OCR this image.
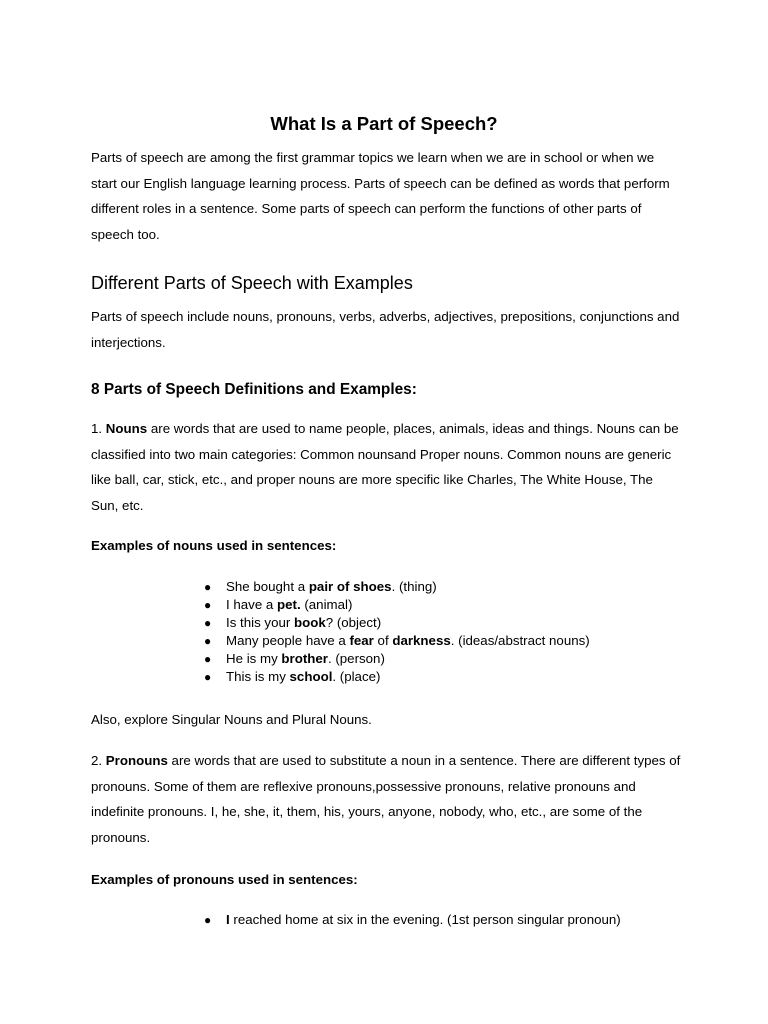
What Is a Part of Speech?
Parts of speech are among the first grammar topics we learn when we are in school or when we
start our English language learning process. Parts of speech can be defined as words that perform
different roles in a sentence. Some parts of speech can perform the functions of other parts of
speech too.
Different Parts of Speech with Examples
Parts of speech include nouns, pronouns, verbs, adverbs, adjectives, prepositions, conjunctions and
interjections.
8 Parts of Speech Definitions and Examples:
1. Nouns are words that are used to name people, places, animals, ideas and things. Nouns can be
classified into two main categories: Common nounsand Proper nouns. Common nouns are generic
like ball, car, stick, etc., and proper nouns are more specific like Charles, The White House, The
Sun, etc.
Examples of nouns used in sentences:
● She bought a pair of shoes. (thing)
● I have a pet. (animal)
● Is this your book? (object)
● Many people have a fear of darkness. (ideas/abstract nouns)
● He is my brother. (person)
● This is my school. (place)
Also, explore Singular Nouns and Plural Nouns.
2. Pronouns are words that are used to substitute a noun in a sentence. There are different types of
pronouns. Some of them are reflexive pronouns,possessive pronouns, relative pronouns and
indefinite pronouns. I, he, she, it, them, his, yours, anyone, nobody, who, etc., are some of the
pronouns.
Examples of pronouns used in sentences:
● I reached home at six in the evening. (1st person singular pronoun)
